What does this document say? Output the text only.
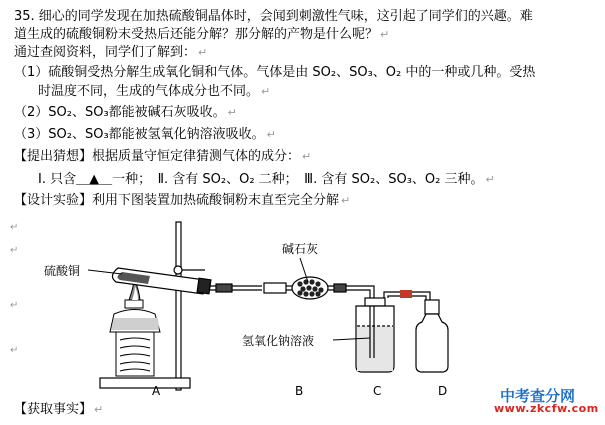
35. 细心的同学发现在加热硫酸铜晶体时，会闻到刺激性气味，这引起了同学们的兴趣。难
道生成的硫酸铜粉末受热后还能分解？那分解的产物是什么呢？ ↵
通过查阅资料，同学们了解到： ↵
（1）硫酸铜受热分解生成氧化铜和气体。气体是由 SO₂、SO₃、O₂ 中的一种或几种。受热
时温度不同，生成的气体成分也不同。 ↵
（2）SO₂、SO₃都能被碱石灰吸收。 ↵
（3）SO₂、SO₃都能被氢氧化钠溶液吸收。 ↵
【提出猜想】根据质量守恒定律猜测气体的成分： ↵
Ⅰ. 只含＿▲＿一种；　Ⅱ. 含有 SO₂、O₂ 二种；　Ⅲ. 含有 SO₂、SO₃、O₂ 三种。 ↵
【设计实验】利用下图装置加热硫酸铜粉末直至完全分解 ↵
【获取事实】 ↵
↵
↵
↵
↵
硫酸铜
碱石灰
氢氧化钠溶液
A	B	C	D	中考查分网
www.zkcfw.com
